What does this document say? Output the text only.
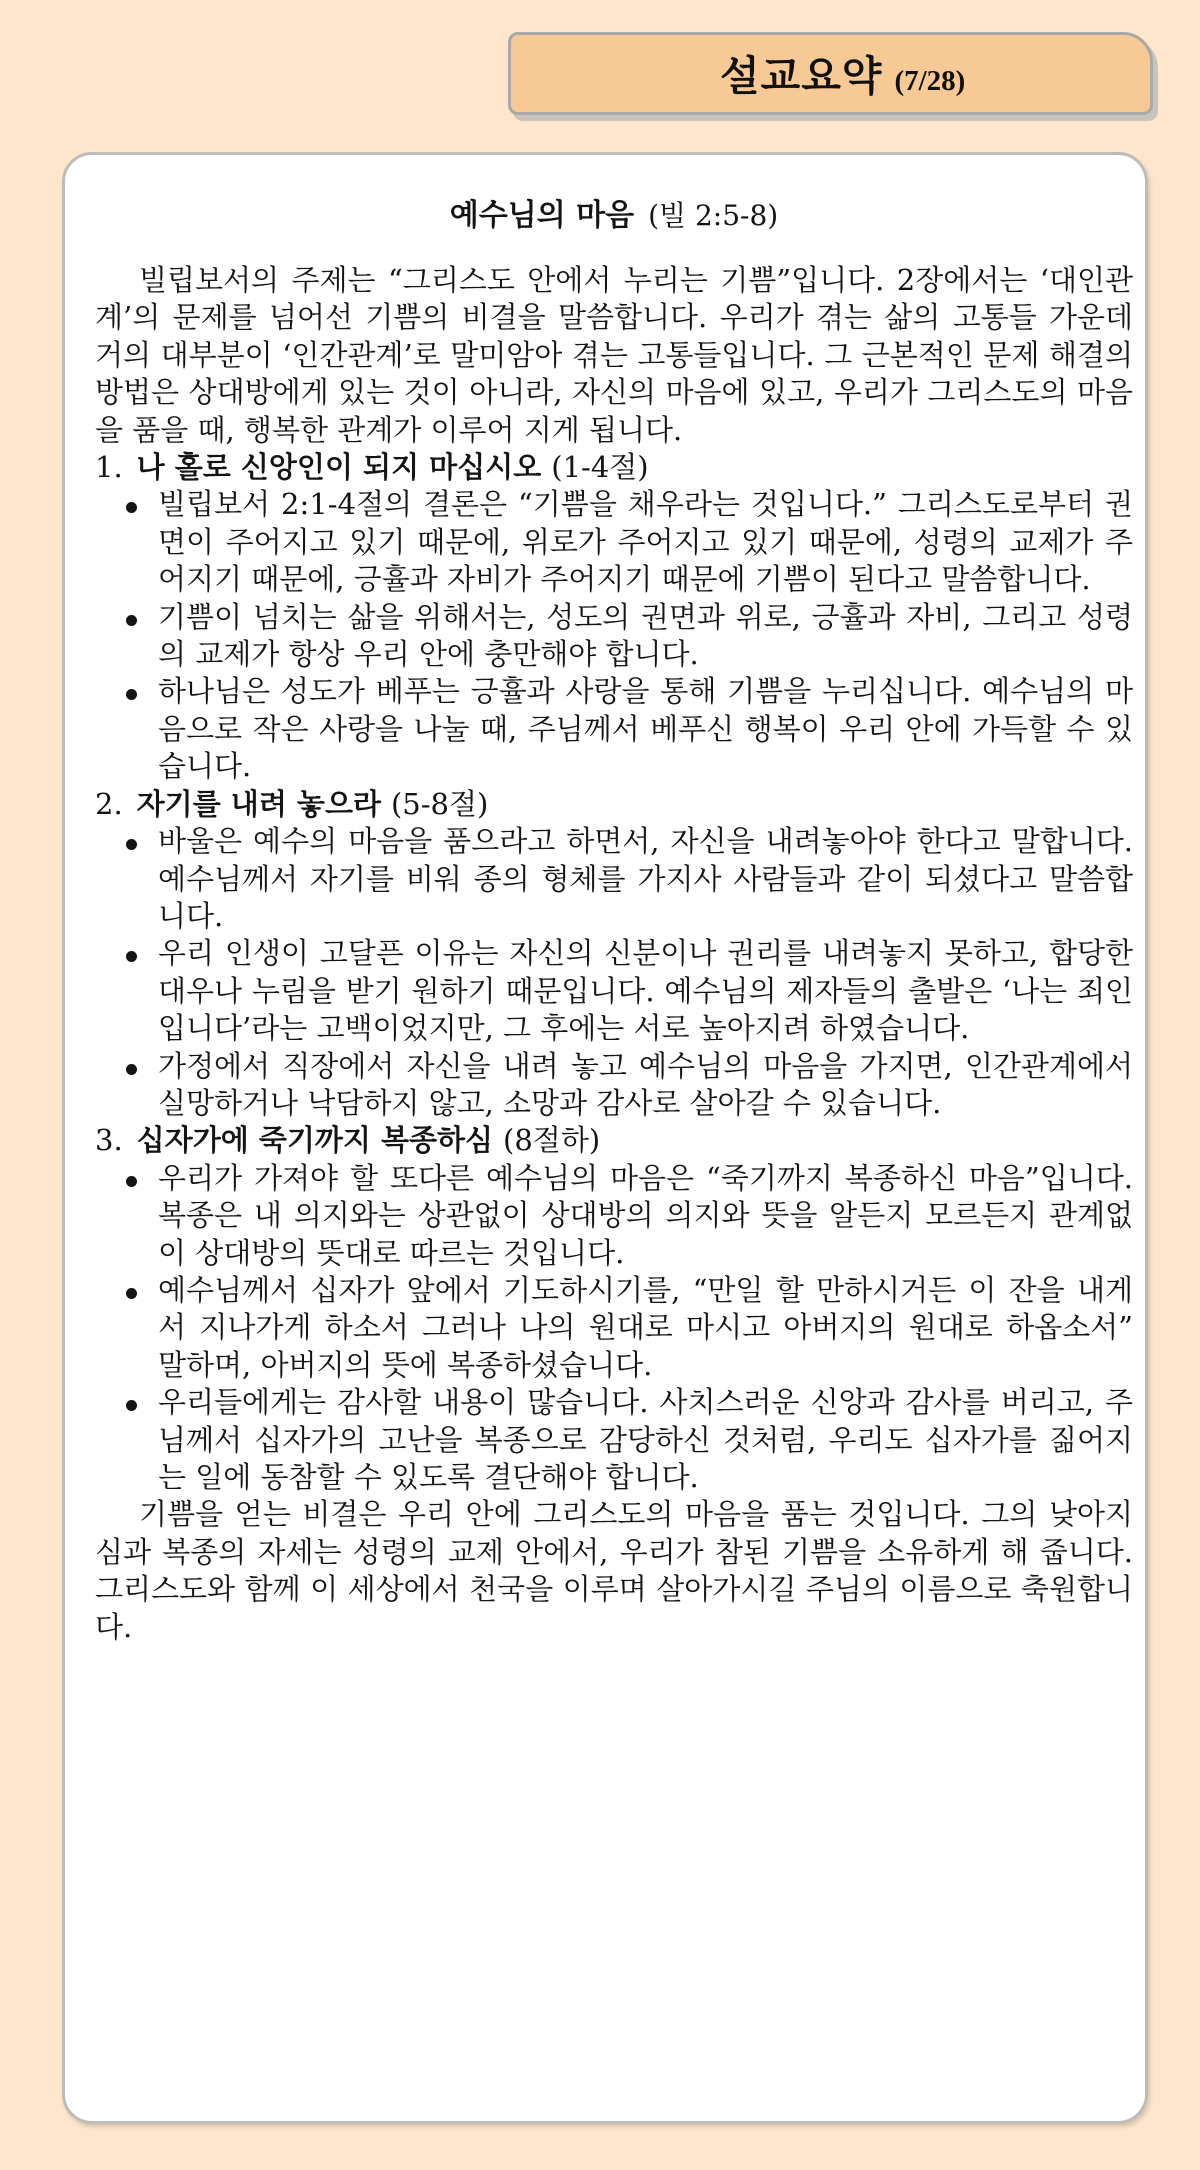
설교요약 (7/28)
예수님의 마음 (빌 2:5-8)

빌립보서의 주제는 “그리스도 안에서 누리는 기쁨”입니다. 2장에서는 ‘대인관계’의 문제를 넘어선 기쁨의 비결을 말씀합니다. 우리가 겪는 삶의 고통들 가운데 거의 대부분이 ‘인간관계’로 말미암아 겪는 고통들입니다. 그 근본적인 문제 해결의 방법은 상대방에게 있는 것이 아니라, 자신의 마음에 있고, 우리가 그리스도의 마음을 품을 때, 행복한 관계가 이루어 지게 됩니다.

1. 나 홀로 신앙인이 되지 마십시오 (1-4절)
빌립보서 2:1-4절의 결론은 “기쁨을 채우라는 것입니다.” 그리스도로부터 권면이 주어지고 있기 때문에, 위로가 주어지고 있기 때문에, 성령의 교제가 주어지기 때문에, 긍휼과 자비가 주어지기 때문에 기쁨이 된다고 말씀합니다.
기쁨이 넘치는 삶을 위해서는, 성도의 권면과 위로, 긍휼과 자비, 그리고 성령의 교제가 항상 우리 안에 충만해야 합니다.
하나님은 성도가 베푸는 긍휼과 사랑을 통해 기쁨을 누리십니다. 예수님의 마음으로 작은 사랑을 나눌 때, 주님께서 베푸신 행복이 우리 안에 가득할 수 있습니다.
2. 자기를 내려 놓으라 (5-8절)
바울은 예수의 마음을 품으라고 하면서, 자신을 내려놓아야 한다고 말합니다. 예수님께서 자기를 비워 종의 형체를 가지사 사람들과 같이 되셨다고 말씀합니다.
우리 인생이 고달픈 이유는 자신의 신분이나 권리를 내려놓지 못하고, 합당한 대우나 누림을 받기 원하기 때문입니다. 예수님의 제자들의 출발은 ‘나는 죄인입니다’라는 고백이었지만, 그 후에는 서로 높아지려 하였습니다.
가정에서 직장에서 자신을 내려 놓고 예수님의 마음을 가지면, 인간관계에서 실망하거나 낙담하지 않고, 소망과 감사로 살아갈 수 있습니다.
3. 십자가에 죽기까지 복종하심 (8절하)
우리가 가져야 할 또다른 예수님의 마음은 “죽기까지 복종하신 마음”입니다. 복종은 내 의지와는 상관없이 상대방의 의지와 뜻을 알든지 모르든지 관계없이 상대방의 뜻대로 따르는 것입니다.
예수님께서 십자가 앞에서 기도하시기를, “만일 할 만하시거든 이 잔을 내게서 지나가게 하소서 그러나 나의 원대로 마시고 아버지의 원대로 하옵소서” 말하며, 아버지의 뜻에 복종하셨습니다.
우리들에게는 감사할 내용이 많습니다. 사치스러운 신앙과 감사를 버리고, 주님께서 십자가의 고난을 복종으로 감당하신 것처럼, 우리도 십자가를 짊어지는 일에 동참할 수 있도록 결단해야 합니다.

기쁨을 얻는 비결은 우리 안에 그리스도의 마음을 품는 것입니다. 그의 낮아지심과 복종의 자세는 성령의 교제 안에서, 우리가 참된 기쁨을 소유하게 해 줍니다. 그리스도와 함께 이 세상에서 천국을 이루며 살아가시길 주님의 이름으로 축원합니다.
